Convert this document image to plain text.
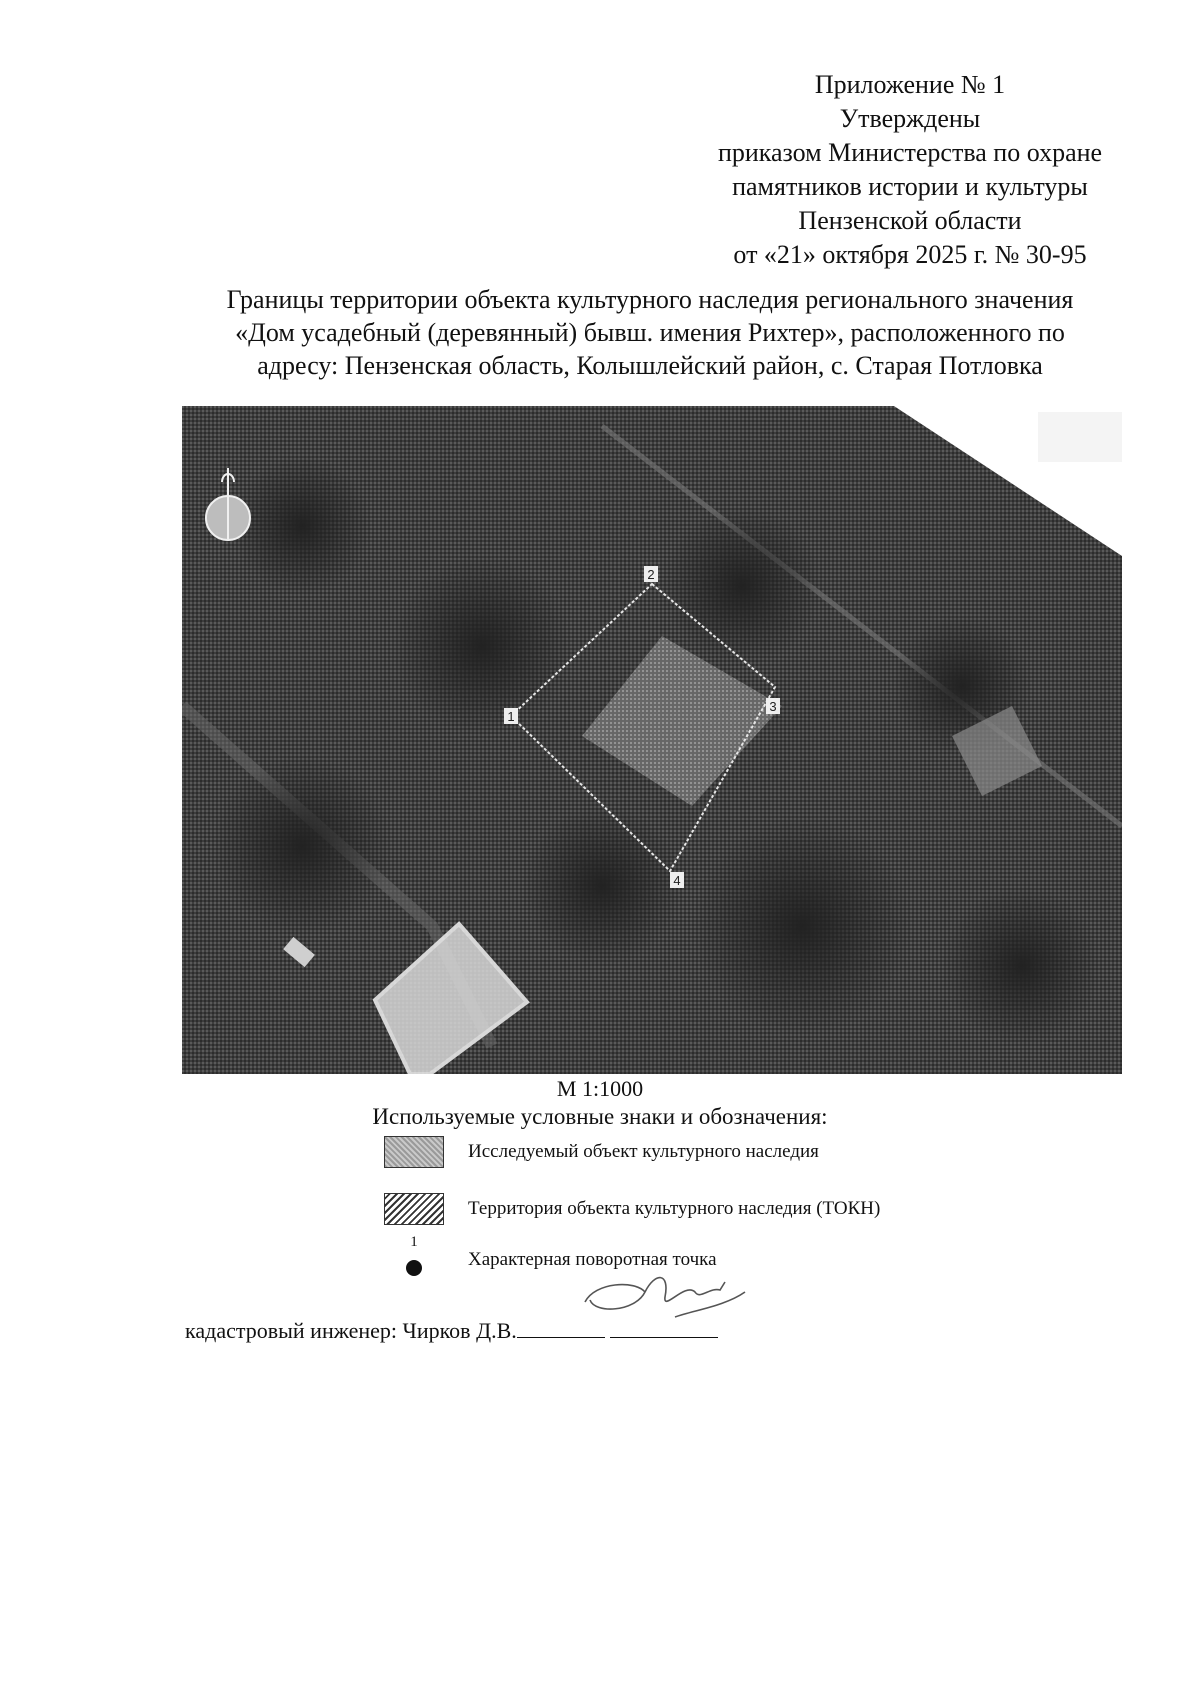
Приложение № 1
Утверждены
приказом Министерства по охране
памятников истории и культуры
Пензенской области
от «21» октября 2025 г. № 30-95
Границы территории объекта культурного наследия регионального значения
«Дом усадебный (деревянный) бывш. имения Рихтер», расположенного по
адресу: Пензенская область, Колышлейский район, с. Старая Потловка
1
2
3
4
М 1:1000
Используемые условные знаки и обозначения:
Исследуемый объект культурного наследия
Территория объекта культурного наследия (ТОКН)
1
Характерная поворотная точка
кадастровый инженер: Чирков Д.В.
